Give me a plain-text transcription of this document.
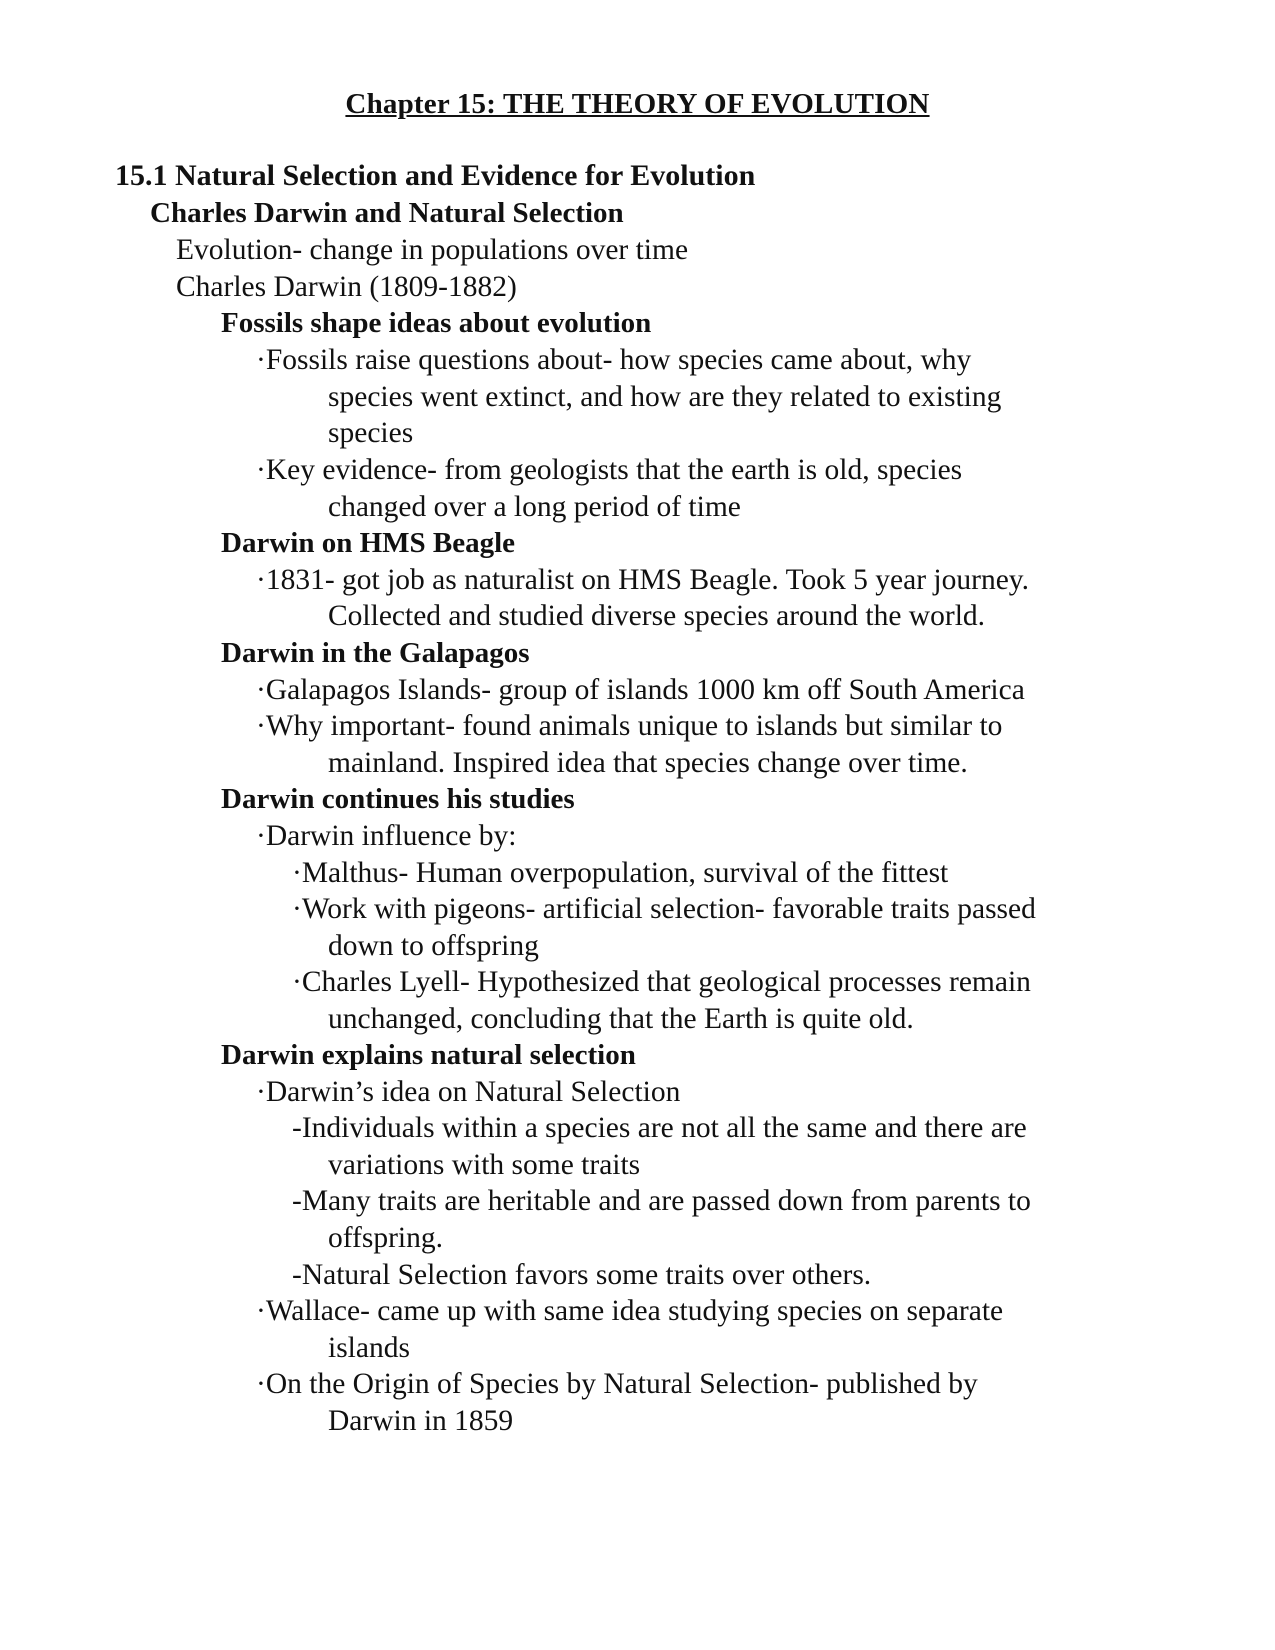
Chapter 15: THE THEORY OF EVOLUTION

15.1 Natural Selection and Evidence for Evolution

Charles Darwin and Natural Selection

Evolution- change in populations over time

Charles Darwin (1809-1882)

Fossils shape ideas about evolution

·Fossils raise questions about- how species came about, why

species went extinct, and how are they related to existing

species

·Key evidence- from geologists that the earth is old, species

changed over a long period of time

Darwin on HMS Beagle

·1831- got job as naturalist on HMS Beagle. Took 5 year journey.

Collected and studied diverse species around the world.

Darwin in the Galapagos

·Galapagos Islands- group of islands 1000 km off South America

·Why important- found animals unique to islands but similar to

mainland. Inspired idea that species change over time.

Darwin continues his studies

·Darwin influence by:

·Malthus- Human overpopulation, survival of the fittest

·Work with pigeons- artificial selection- favorable traits passed

down to offspring

·Charles Lyell- Hypothesized that geological processes remain

unchanged, concluding that the Earth is quite old.

Darwin explains natural selection

·Darwin’s idea on Natural Selection

-Individuals within a species are not all the same and there are

variations with some traits

-Many traits are heritable and are passed down from parents to

offspring.

-Natural Selection favors some traits over others.

·Wallace- came up with same idea studying species on separate

islands

·On the Origin of Species by Natural Selection- published by

Darwin in 1859
